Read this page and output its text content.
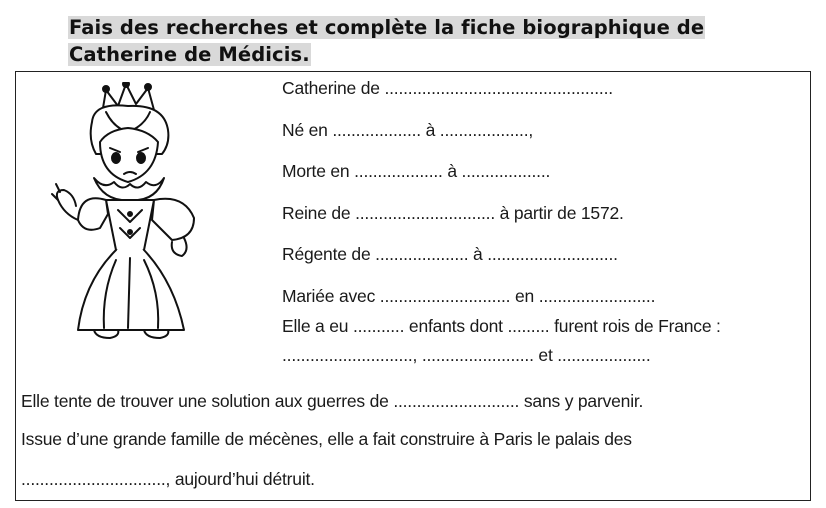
Fais des recherches et complète la fiche biographique de
Catherine de Médicis.
Catherine de .................................................
Né en ................... à ...................,
Morte en ................... à ...................
Reine de .............................. à partir de 1572.
Régente de .................... à ............................
Mariée avec ............................ en .........................
Elle a eu ........... enfants dont ......... furent rois de France :
............................, ........................ et ....................
Elle tente de trouver une solution aux guerres de ........................... sans y parvenir.
Issue d’une grande famille de mécènes, elle a fait construire à Paris le palais des
..............................., aujourd’hui détruit.
